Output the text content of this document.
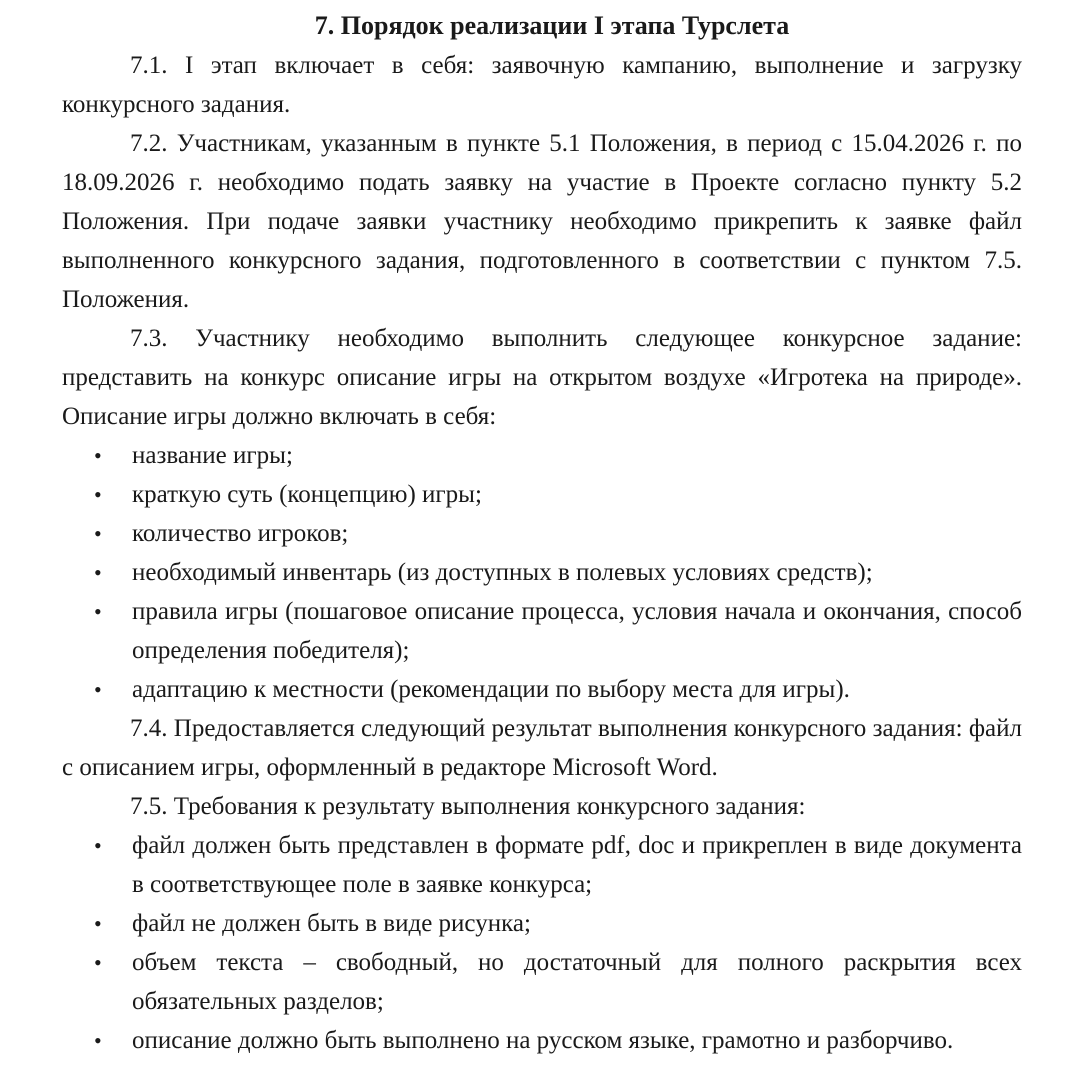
7. Порядок реализации I этапа Турслета

7.1. I этап включает в себя: заявочную кампанию, выполнение и загрузку конкурсного задания.

7.2. Участникам, указанным в пункте 5.1 Положения, в период с 15.04.2026 г. по 18.09.2026 г. необходимо подать заявку на участие в Проекте согласно пункту 5.2 Положения. При подаче заявки участнику необходимо прикрепить к заявке файл выполненного конкурсного задания, подготовленного в соответствии с пунктом 7.5. Положения.

7.3. Участнику необходимо выполнить следующее конкурсное задание: представить на конкурс описание игры на открытом воздухе «Игротека на природе». Описание игры должно включать в себя:

• название игры;
• краткую суть (концепцию) игры;
• количество игроков;
• необходимый инвентарь (из доступных в полевых условиях средств);
• правила игры (пошаговое описание процесса, условия начала и окончания, способ определения победителя);
• адаптацию к местности (рекомендации по выбору места для игры).

7.4. Предоставляется следующий результат выполнения конкурсного задания: файл с описанием игры, оформленный в редакторе Microsoft Word.

7.5. Требования к результату выполнения конкурсного задания:

• файл должен быть представлен в формате pdf, doc и прикреплен в виде документа в соответствующее поле в заявке конкурса;
• файл не должен быть в виде рисунка;
• объем текста – свободный, но достаточный для полного раскрытия всех обязательных разделов;
• описание должно быть выполнено на русском языке, грамотно и разборчиво.
